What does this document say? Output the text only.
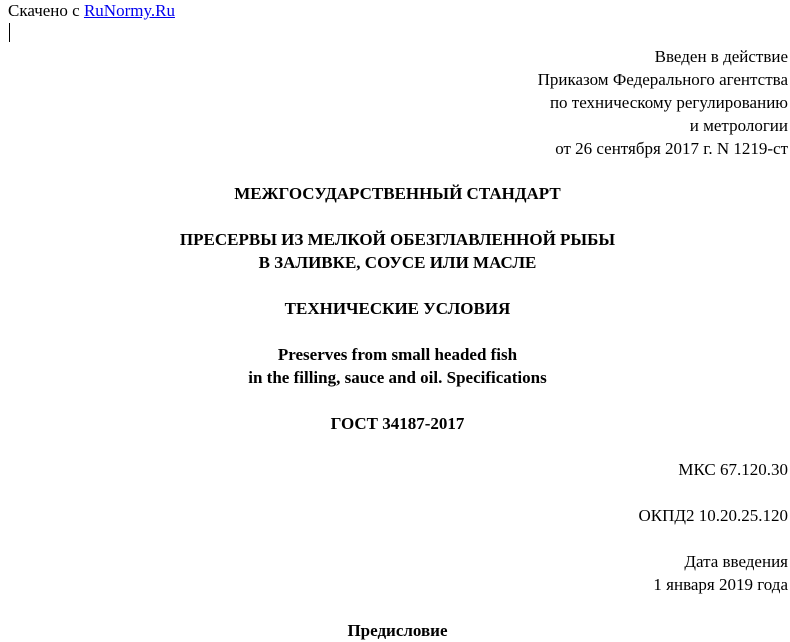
Скачено с RuNormy.Ru
Введен в действие
Приказом Федерального агентства
по техническому регулированию
и метрологии
от 26 сентября 2017 г. N 1219-ст
МЕЖГОСУДАРСТВЕННЫЙ СТАНДАРТ
ПРЕСЕРВЫ ИЗ МЕЛКОЙ ОБЕЗГЛАВЛЕННОЙ РЫБЫ
В ЗАЛИВКЕ, СОУСЕ ИЛИ МАСЛЕ
ТЕХНИЧЕСКИЕ УСЛОВИЯ
Preserves from small headed fish
in the filling, sauce and oil. Specifications
ГОСТ 34187-2017
МКС 67.120.30
ОКПД2 10.20.25.120
Дата введения
1 января 2019 года
Предисловие
